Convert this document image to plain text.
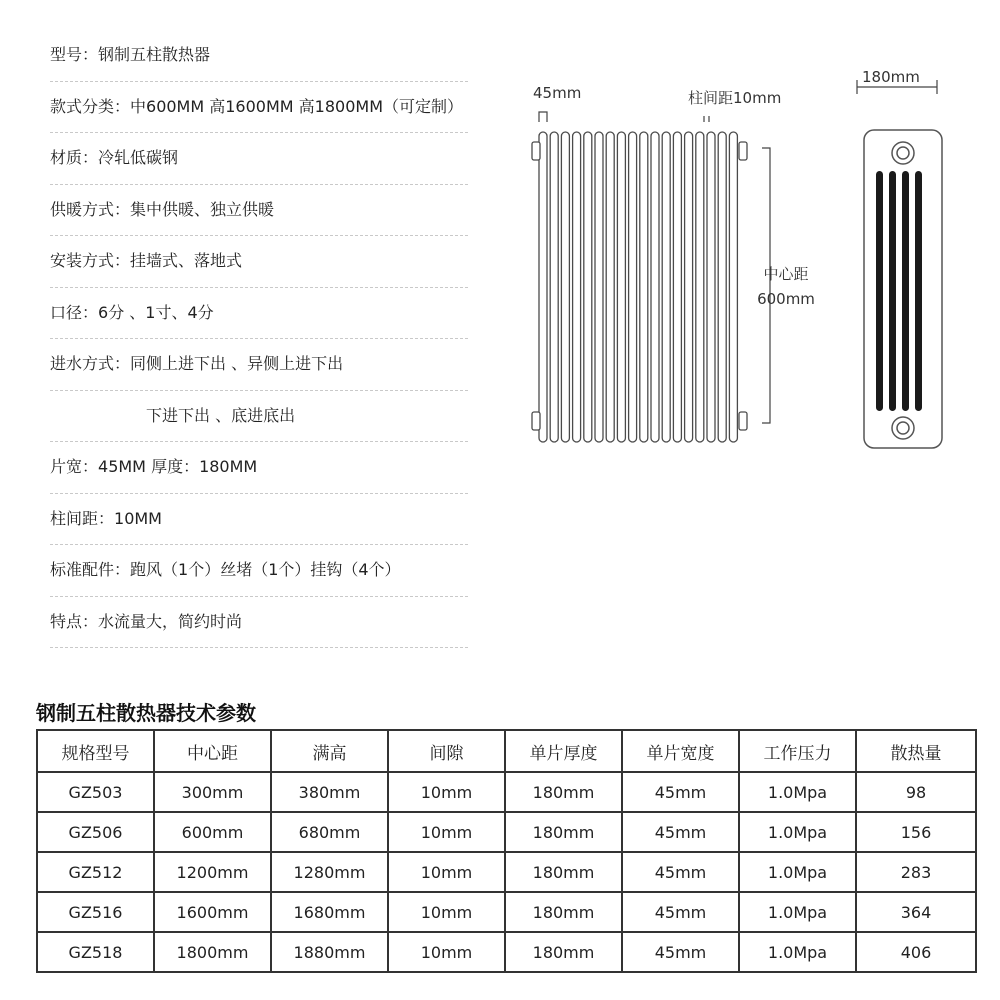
型号：钢制五柱散热器
款式分类：中600MM 高1600MM 高1800MM（可定制）
材质：冷轧低碳钢
供暖方式：集中供暖、独立供暖
安装方式：挂墙式、落地式
口径：6分 、1寸、4分
进水方式：同侧上进下出 、异侧上进下出
下进下出 、底进底出
片宽：45MM 厚度：180MM
柱间距：10MM
标准配件：跑风（1个）丝堵（1个）挂钩（4个）
特点：水流量大，简约时尚
45mm	柱间距10mm
中心距
600mm
180mm
钢制五柱散热器技术参数
规格型号	中心距	满高	间隙	单片厚度	单片宽度	工作压力	散热量
GZ503	300mm	380mm	10mm	180mm	45mm	1.0Mpa	98
GZ506	600mm	680mm	10mm	180mm	45mm	1.0Mpa	156
GZ512	1200mm	1280mm	10mm	180mm	45mm	1.0Mpa	283
GZ516	1600mm	1680mm	10mm	180mm	45mm	1.0Mpa	364
GZ518	1800mm	1880mm	10mm	180mm	45mm	1.0Mpa	406
